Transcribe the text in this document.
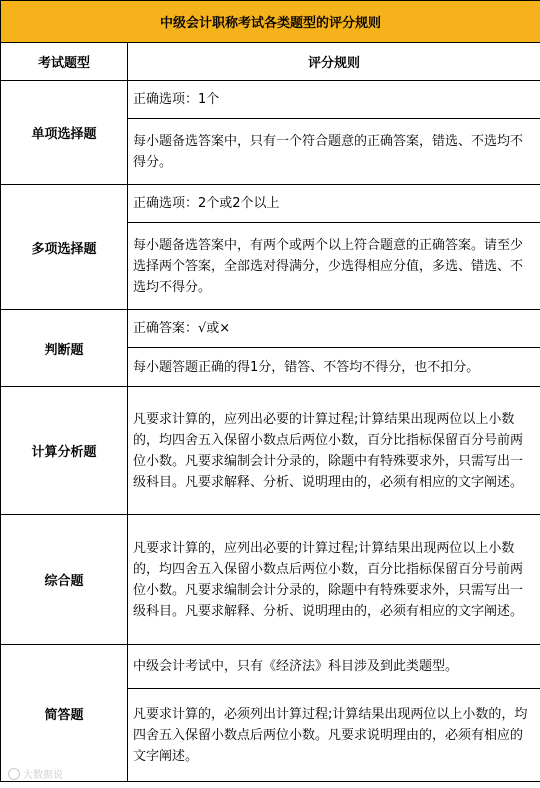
中级会计职称考试各类题型的评分规则	
考试题型	评分规则
单项选择题	正确选项：1个
	每小题备选答案中，只有一个符合题意的正确答案，错选、不选均不得分。
多项选择题	正确选项：2个或2个以上
	每小题备选答案中，有两个或两个以上符合题意的正确答案。请至少选择两个答案，全部选对得满分，少选得相应分值，多选、错选、不选均不得分。
判断题	正确答案：√或×
	每小题答题正确的得1分，错答、不答均不得分，也不扣分。
计算分析题	凡要求计算的，应列出必要的计算过程;计算结果出现两位以上小数的，均四舍五入保留小数点后两位小数，百分比指标保留百分号前两位小数。凡要求编制会计分录的，除题中有特殊要求外，只需写出一级科目。凡要求解释、分析、说明理由的，必须有相应的文字阐述。
综合题	凡要求计算的，应列出必要的计算过程;计算结果出现两位以上小数的，均四舍五入保留小数点后两位小数，百分比指标保留百分号前两位小数。凡要求编制会计分录的，除题中有特殊要求外，只需写出一级科目。凡要求解释、分析、说明理由的，必须有相应的文字阐述。
简答题	中级会计考试中，只有《经济法》科目涉及到此类题型。
	凡要求计算的，必须列出计算过程;计算结果出现两位以上小数的，均四舍五入保留小数点后两位小数。凡要求说明理由的，必须有相应的文字阐述。
大数据说
